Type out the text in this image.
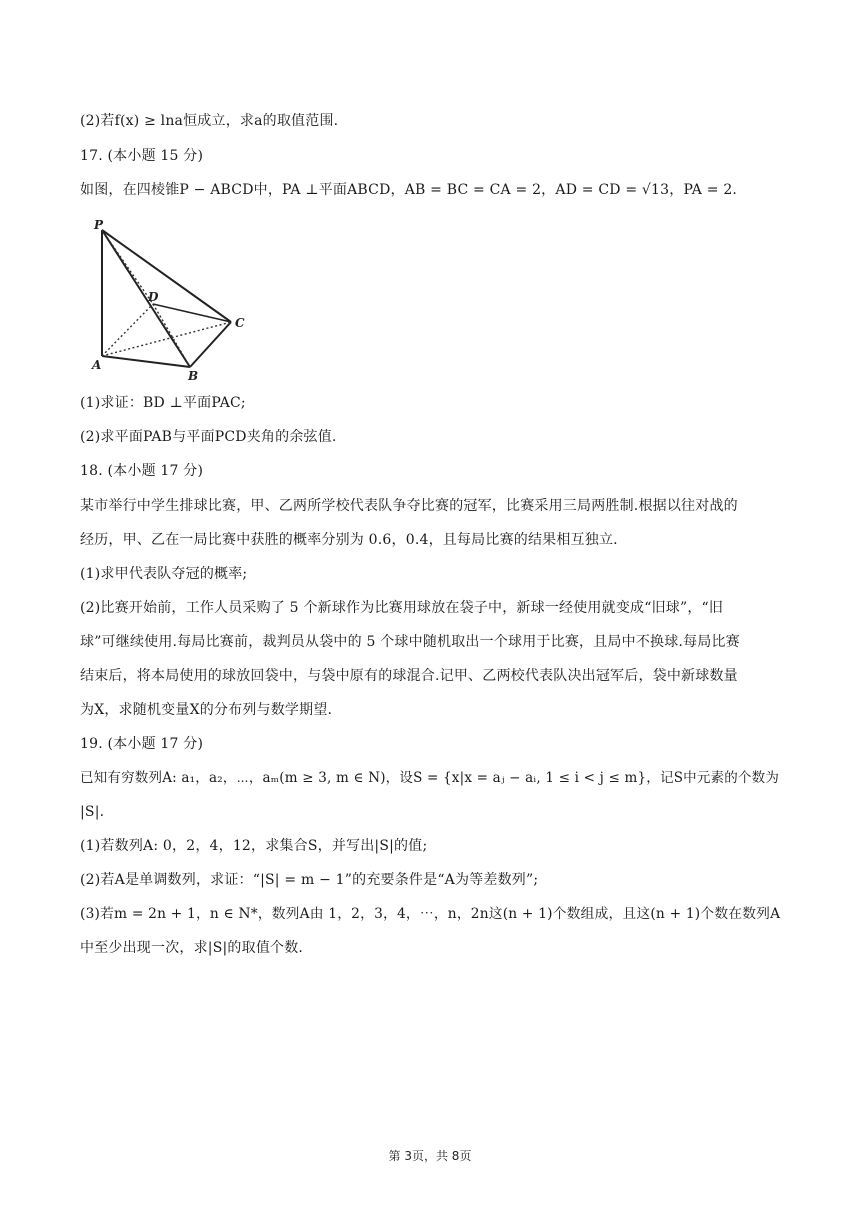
(2)若f(x) ≥ lna恒成立，求a的取值范围.
17. (本小题 15 分)
如图，在四棱锥P − ABCD中，PA ⊥平面ABCD，AB = BC = CA = 2，AD = CD = √13，PA = 2.
P
A
B
C
D
(1)求证：BD ⊥平面PAC;
(2)求平面PAB与平面PCD夹角的余弦值.
18. (本小题 17 分)
某市举行中学生排球比赛，甲、乙两所学校代表队争夺比赛的冠军，比赛采用三局两胜制.根据以往对战的
经历，甲、乙在一局比赛中获胜的概率分别为 0.6，0.4，且每局比赛的结果相互独立.
(1)求甲代表队夺冠的概率;
(2)比赛开始前，工作人员采购了 5 个新球作为比赛用球放在袋子中，新球一经使用就变成“旧球”，“旧
球”可继续使用.每局比赛前，裁判员从袋中的 5 个球中随机取出一个球用于比赛，且局中不换球.每局比赛
结束后，将本局使用的球放回袋中，与袋中原有的球混合.记甲、乙两校代表队决出冠军后，袋中新球数量
为X，求随机变量X的分布列与数学期望.
19. (本小题 17 分)
已知有穷数列A: a₁，a₂，⋯，aₘ(m ≥ 3, m ∈ N)，设S = {x|x = aⱼ − aᵢ, 1 ≤ i < j ≤ m}，记S中元素的个数为
|S|.
(1)若数列A: 0，2，4，12，求集合S，并写出|S|的值;
(2)若A是单调数列，求证：“|S| = m − 1”的充要条件是“A为等差数列”;
(3)若m = 2n + 1，n ∈ N*，数列A由 1，2，3，4，⋯，n，2n这(n + 1)个数组成，且这(n + 1)个数在数列A
中至少出现一次，求|S|的取值个数.
第 3页，共 8页
